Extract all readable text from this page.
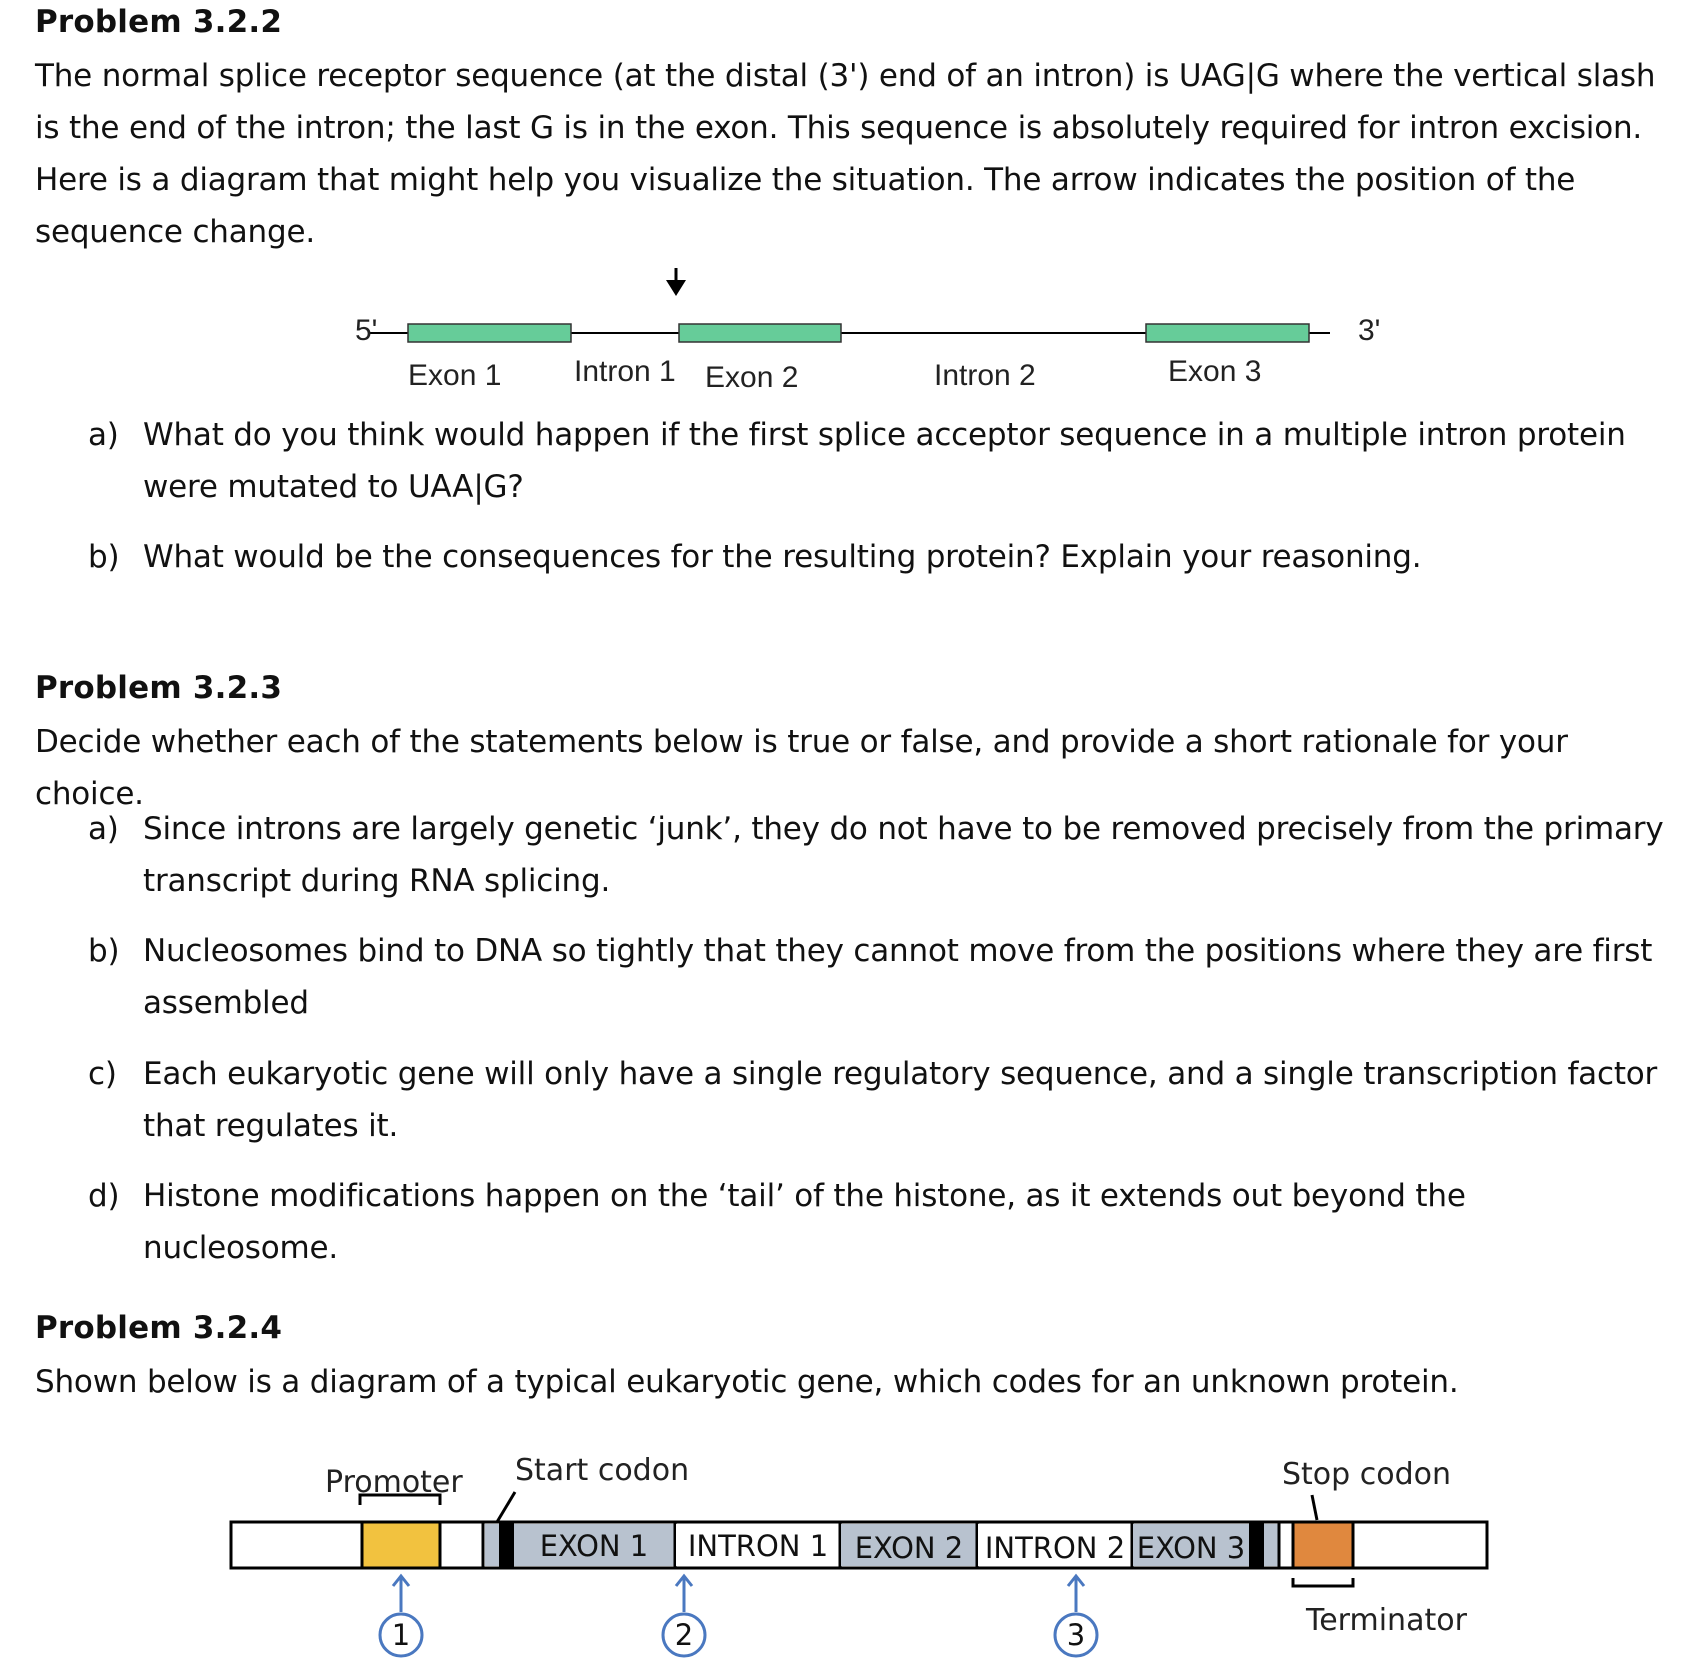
Problem 3.2.2
The normal splice receptor sequence (at the distal (3') end of an intron) is UAG|G where the vertical slash is the end of the intron; the last G is in the exon. This sequence is absolutely required for intron excision. Here is a diagram that might help you visualize the situation. The arrow indicates the position of the sequence change.
5'	3'
Exon 1 Intron 1 Exon 2	Intron 2	Exon 3
a) What do you think would happen if the first splice acceptor sequence in a multiple intron protein were mutated to UAA|G?
b) What would be the consequences for the resulting protein? Explain your reasoning.
Problem 3.2.3
Decide whether each of the statements below is true or false, and provide a short rationale for your choice.
a) Since introns are largely genetic ‘junk’, they do not have to be removed precisely from the primary transcript during RNA splicing.
b) Nucleosomes bind to DNA so tightly that they cannot move from the positions where they are first assembled
c) Each eukaryotic gene will only have a single regulatory sequence, and a single transcription factor that regulates it.
d) Histone modifications happen on the ‘tail’ of the histone, as it extends out beyond the nucleosome.
Problem 3.2.4
Shown below is a diagram of a typical eukaryotic gene, which codes for an unknown protein.
EXON 1 INTRON 1 EXON 2 INTRON 2 EXON 3
1	2	3
Promoter Start codon	Stop codon
Terminator
